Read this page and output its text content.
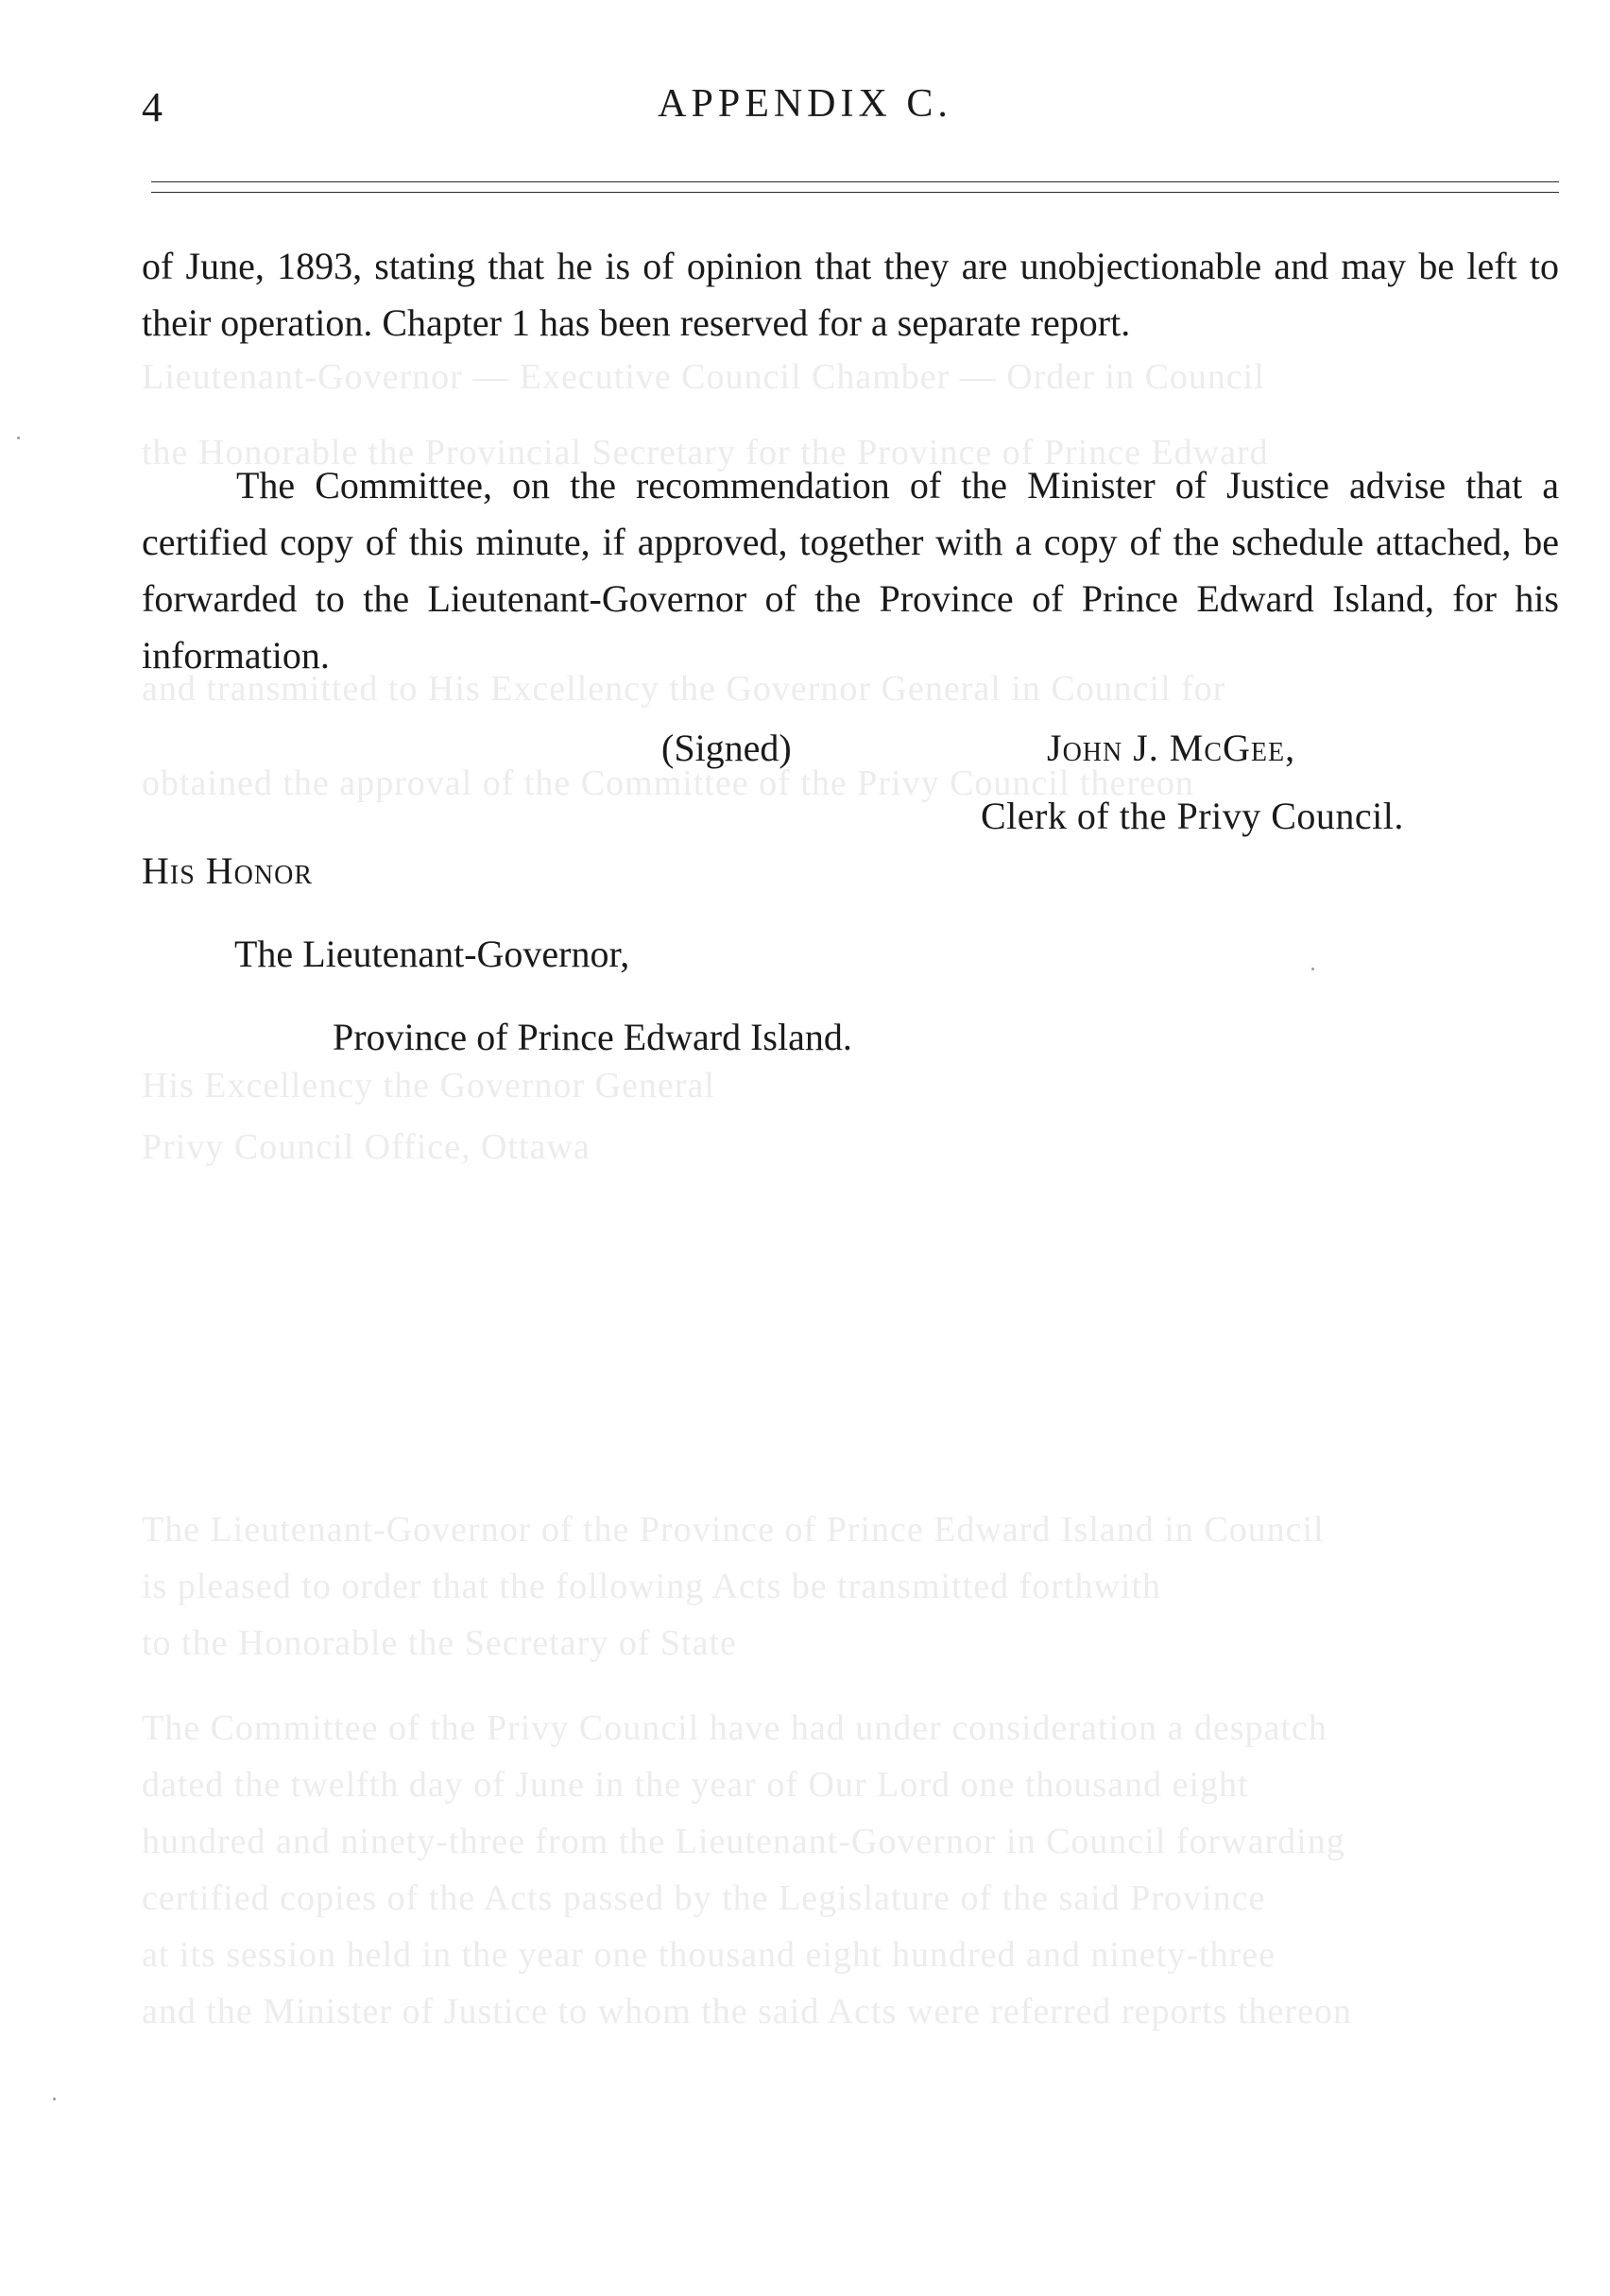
Lieutenant-Governor — Executive Council Chamber — Order in Council
the Honorable the Provincial Secretary for the Province of Prince Edward
and transmitted to His Excellency the Governor General in Council for
obtained the approval of the Committee of the Privy Council thereon
His Excellency the Governor General
Privy Council Office, Ottawa
The Lieutenant-Governor of the Province of Prince Edward Island in Council
is pleased to order that the following Acts be transmitted forthwith
to the Honorable the Secretary of State
The Committee of the Privy Council have had under consideration a despatch
dated the twelfth day of June in the year of Our Lord one thousand eight
hundred and ninety-three from the Lieutenant-Governor in Council forwarding
certified copies of the Acts passed by the Legislature of the said Province
at its session held in the year one thousand eight hundred and ninety-three
and the Minister of Justice to whom the said Acts were referred reports thereon
4	APPENDIX C.

of June, 1893, stating that he is of opinion that they are unobjectionable and may be left to their operation. Chapter 1 has been reserved for a separate report.

The Committee, on the recommendation of the Minister of Justice advise that a certified copy of this minute, if approved, together with a copy of the schedule attached, be forwarded to the Lieutenant-Governor of the Province of Prince Edward Island, for his information.

(Signed)	John J. McGee,
Clerk of the Privy Council.
His Honor
The Lieutenant-Governor,
Province of Prince Edward Island.
